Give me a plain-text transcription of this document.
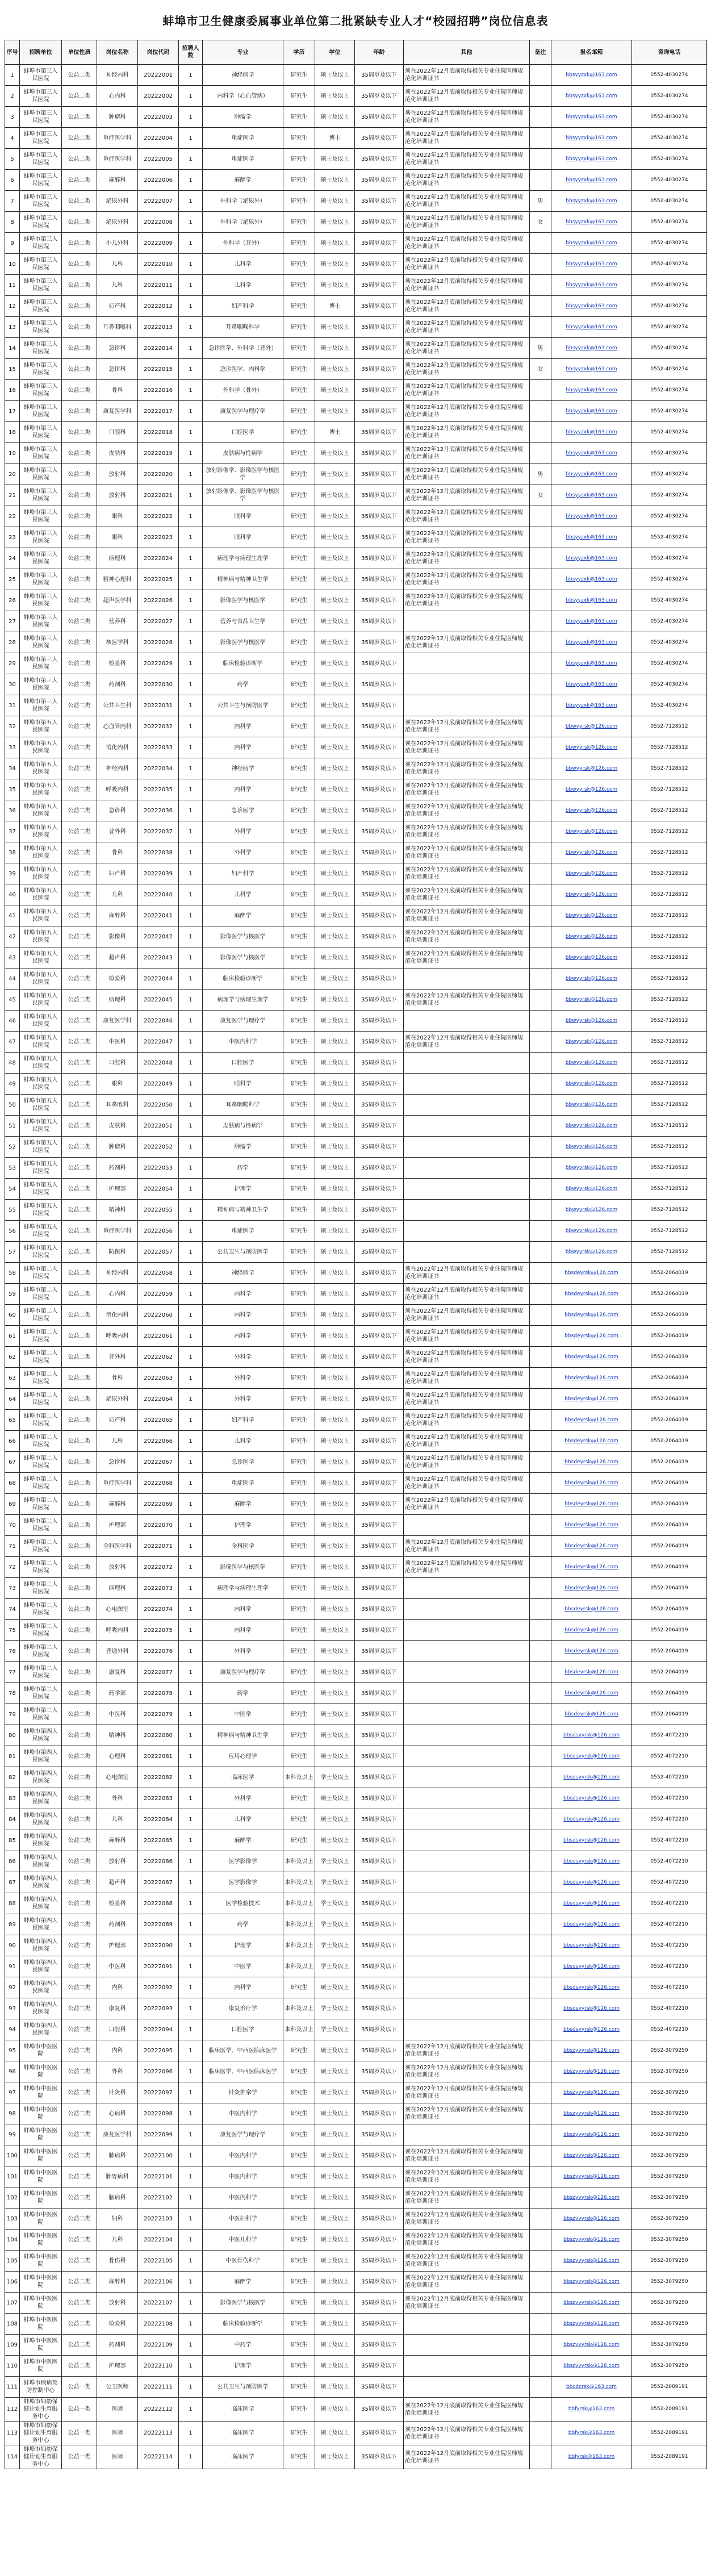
蚌埠市卫生健康委属事业单位第二批紧缺专业人才“校园招聘”岗位信息表
序号	招聘单位	单位性质	岗位名称	岗位代码	招聘人数	专业	学历	学位	年龄	其他	备注	报名邮箱	咨询电话
1	蚌埠市第三人民医院	公益二类	神经内科	20222001	1	神经病学	研究生	硕士及以上	35周岁及以下	须在2022年12月底前取得相关专业住院医师规范化培训证书		bbsyyzxk@163.com	0552-4030274
2	蚌埠市第三人民医院	公益二类	心内科	20222002	1	内科学（心血管病）	研究生	硕士及以上	35周岁及以下	须在2022年12月底前取得相关专业住院医师规范化培训证书		bbsyyzxk@163.com	0552-4030274
3	蚌埠市第三人民医院	公益二类	肿瘤科	20222003	1	肿瘤学	研究生	硕士及以上	35周岁及以下	须在2022年12月底前取得相关专业住院医师规范化培训证书		bbsyyzxk@163.com	0552-4030274
4	蚌埠市第三人民医院	公益二类	重症医学科	20222004	1	重症医学	研究生	博士	35周岁及以下	须在2022年12月底前取得相关专业住院医师规范化培训证书		bbsyyzxk@163.com	0552-4030274
5	蚌埠市第三人民医院	公益二类	重症医学科	20222005	1	重症医学	研究生	硕士及以上	35周岁及以下	须在2022年12月底前取得相关专业住院医师规范化培训证书		bbsyyzxk@163.com	0552-4030274
6	蚌埠市第三人民医院	公益二类	麻醉科	20222006	1	麻醉学	研究生	硕士及以上	35周岁及以下	须在2022年12月底前取得相关专业住院医师规范化培训证书		bbsyyzxk@163.com	0552-4030274
7	蚌埠市第三人民医院	公益二类	泌尿外科	20222007	1	外科学（泌尿外）	研究生	硕士及以上	35周岁及以下	须在2022年12月底前取得相关专业住院医师规范化培训证书	男	bbsyyzxk@163.com	0552-4030274
8	蚌埠市第三人民医院	公益二类	泌尿外科	20222008	1	外科学（泌尿外）	研究生	硕士及以上	35周岁及以下	须在2022年12月底前取得相关专业住院医师规范化培训证书	女	bbsyyzxk@163.com	0552-4030274
9	蚌埠市第三人民医院	公益二类	小儿外科	20222009	1	外科学（普外）	研究生	硕士及以上	35周岁及以下	须在2022年12月底前取得相关专业住院医师规范化培训证书		bbsyyzxk@163.com	0552-4030274
10	蚌埠市第三人民医院	公益二类	儿科	20222010	1	儿科学	研究生	硕士及以上	35周岁及以下	须在2022年12月底前取得相关专业住院医师规范化培训证书		bbsyyzxk@163.com	0552-4030274
11	蚌埠市第三人民医院	公益二类	儿科	20222011	1	儿科学	研究生	硕士及以上	35周岁及以下	须在2022年12月底前取得相关专业住院医师规范化培训证书		bbsyyzxk@163.com	0552-4030274
12	蚌埠市第三人民医院	公益二类	妇产科	20222012	1	妇产科学	研究生	博士	35周岁及以下	须在2022年12月底前取得相关专业住院医师规范化培训证书		bbsyyzxk@163.com	0552-4030274
13	蚌埠市第三人民医院	公益二类	耳鼻咽喉科	20222013	1	耳鼻咽喉科学	研究生	硕士及以上	35周岁及以下	须在2022年12月底前取得相关专业住院医师规范化培训证书		bbsyyzxk@163.com	0552-4030274
14	蚌埠市第三人民医院	公益二类	急诊科	20222014	1	急诊医学、外科学（普外）	研究生	硕士及以上	35周岁及以下	须在2022年12月底前取得相关专业住院医师规范化培训证书	男	bbsyyzxk@163.com	0552-4030274
15	蚌埠市第三人民医院	公益二类	急诊科	20222015	1	急诊医学、内科学	研究生	硕士及以上	35周岁及以下	须在2022年12月底前取得相关专业住院医师规范化培训证书	女	bbsyyzxk@163.com	0552-4030274
16	蚌埠市第三人民医院	公益二类	骨科	20222016	1	外科学（骨外）	研究生	硕士及以上	35周岁及以下	须在2022年12月底前取得相关专业住院医师规范化培训证书		bbsyyzxk@163.com	0552-4030274
17	蚌埠市第三人民医院	公益二类	康复医学科	20222017	1	康复医学与理疗学	研究生	硕士及以上	35周岁及以下	须在2022年12月底前取得相关专业住院医师规范化培训证书		bbsyyzxk@163.com	0552-4030274
18	蚌埠市第三人民医院	公益二类	口腔科	20222018	1	口腔医学	研究生	博士	35周岁及以下	须在2022年12月底前取得相关专业住院医师规范化培训证书		bbsyyzxk@163.com	0552-4030274
19	蚌埠市第三人民医院	公益二类	皮肤科	20222019	1	皮肤病与性病学	研究生	硕士及以上	35周岁及以下	须在2022年12月底前取得相关专业住院医师规范化培训证书		bbsyyzxk@163.com	0552-4030274
20	蚌埠市第三人民医院	公益二类	放射科	20222020	1	放射影像学、影像医学与核医学	研究生	硕士及以上	35周岁及以下	须在2022年12月底前取得相关专业住院医师规范化培训证书	男	bbsyyzxk@163.com	0552-4030274
21	蚌埠市第三人民医院	公益二类	放射科	20222021	1	放射影像学、影像医学与核医学	研究生	硕士及以上	35周岁及以下	须在2022年12月底前取得相关专业住院医师规范化培训证书	女	bbsyyzxk@163.com	0552-4030274
22	蚌埠市第三人民医院	公益二类	眼科	20222022	1	眼科学	研究生	硕士及以上	35周岁及以下	须在2022年12月底前取得相关专业住院医师规范化培训证书		bbsyyzxk@163.com	0552-4030274
23	蚌埠市第三人民医院	公益二类	眼科	20222023	1	眼科学	研究生	硕士及以上	35周岁及以下	须在2022年12月底前取得相关专业住院医师规范化培训证书		bbsyyzxk@163.com	0552-4030274
24	蚌埠市第三人民医院	公益二类	病理科	20222024	1	病理学与病理生理学	研究生	硕士及以上	35周岁及以下	须在2022年12月底前取得相关专业住院医师规范化培训证书		bbsyyzxk@163.com	0552-4030274
25	蚌埠市第三人民医院	公益二类	精神心理科	20222025	1	精神病与精神卫生学	研究生	硕士及以上	35周岁及以下	须在2022年12月底前取得相关专业住院医师规范化培训证书		bbsyyzxk@163.com	0552-4030274
26	蚌埠市第三人民医院	公益二类	超声医学科	20222026	1	影像医学与核医学	研究生	硕士及以上	35周岁及以下	须在2022年12月底前取得相关专业住院医师规范化培训证书		bbsyyzxk@163.com	0552-4030274
27	蚌埠市第三人民医院	公益二类	营养科	20222027	1	营养与食品卫生学	研究生	硕士及以上	35周岁及以下			bbsyyzxk@163.com	0552-4030274
28	蚌埠市第三人民医院	公益二类	核医学科	20222028	1	影像医学与核医学	研究生	硕士及以上	35周岁及以下	须在2022年12月底前取得相关专业住院医师规范化培训证书		bbsyyzxk@163.com	0552-4030274
29	蚌埠市第三人民医院	公益二类	检验科	20222029	1	临床检验诊断学	研究生	硕士及以上	35周岁及以下			bbsyyzxk@163.com	0552-4030274
30	蚌埠市第三人民医院	公益二类	药剂科	20222030	1	药学	研究生	硕士及以上	35周岁及以下			bbsyyzxk@163.com	0552-4030274
31	蚌埠市第三人民医院	公益二类	公共卫生科	20222031	1	公共卫生与预防医学	研究生	硕士及以上	35周岁及以下			bbsyyzxk@163.com	0552-4030274
32	蚌埠市第五人民医院	公益二类	心血管内科	20222032	1	内科学	研究生	硕士及以上	35周岁及以下	须在2022年12月底前取得相关专业住院医师规范化培训证书		bbwyyrsk@126.com	0552-7128512
33	蚌埠市第五人民医院	公益二类	消化内科	20222033	1	内科学	研究生	硕士及以上	35周岁及以下	须在2022年12月底前取得相关专业住院医师规范化培训证书		bbwyyrsk@126.com	0552-7128512
34	蚌埠市第五人民医院	公益二类	神经内科	20222034	1	神经病学	研究生	硕士及以上	35周岁及以下	须在2022年12月底前取得相关专业住院医师规范化培训证书		bbwyyrsk@126.com	0552-7128512
35	蚌埠市第五人民医院	公益二类	呼吸内科	20222035	1	内科学	研究生	硕士及以上	35周岁及以下	须在2022年12月底前取得相关专业住院医师规范化培训证书		bbwyyrsk@126.com	0552-7128512
36	蚌埠市第五人民医院	公益二类	急诊科	20222036	1	急诊医学	研究生	硕士及以上	35周岁及以下	须在2022年12月底前取得相关专业住院医师规范化培训证书		bbwyyrsk@126.com	0552-7128512
37	蚌埠市第五人民医院	公益二类	普外科	20222037	1	外科学	研究生	硕士及以上	35周岁及以下	须在2022年12月底前取得相关专业住院医师规范化培训证书		bbwyyrsk@126.com	0552-7128512
38	蚌埠市第五人民医院	公益二类	骨科	20222038	1	外科学	研究生	硕士及以上	35周岁及以下	须在2022年12月底前取得相关专业住院医师规范化培训证书		bbwyyrsk@126.com	0552-7128512
39	蚌埠市第五人民医院	公益二类	妇产科	20222039	1	妇产科学	研究生	硕士及以上	35周岁及以下	须在2022年12月底前取得相关专业住院医师规范化培训证书		bbwyyrsk@126.com	0552-7128512
40	蚌埠市第五人民医院	公益二类	儿科	20222040	1	儿科学	研究生	硕士及以上	35周岁及以下	须在2022年12月底前取得相关专业住院医师规范化培训证书		bbwyyrsk@126.com	0552-7128512
41	蚌埠市第五人民医院	公益二类	麻醉科	20222041	1	麻醉学	研究生	硕士及以上	35周岁及以下	须在2022年12月底前取得相关专业住院医师规范化培训证书		bbwyyrsk@126.com	0552-7128512
42	蚌埠市第五人民医院	公益二类	影像科	20222042	1	影像医学与核医学	研究生	硕士及以上	35周岁及以下	须在2022年12月底前取得相关专业住院医师规范化培训证书		bbwyyrsk@126.com	0552-7128512
43	蚌埠市第五人民医院	公益二类	超声科	20222043	1	影像医学与核医学	研究生	硕士及以上	35周岁及以下	须在2022年12月底前取得相关专业住院医师规范化培训证书		bbwyyrsk@126.com	0552-7128512
44	蚌埠市第五人民医院	公益二类	检验科	20222044	1	临床检验诊断学	研究生	硕士及以上	35周岁及以下			bbwyyrsk@126.com	0552-7128512
45	蚌埠市第五人民医院	公益二类	病理科	20222045	1	病理学与病理生理学	研究生	硕士及以上	35周岁及以下	须在2022年12月底前取得相关专业住院医师规范化培训证书		bbwyyrsk@126.com	0552-7128512
46	蚌埠市第五人民医院	公益二类	康复医学科	20222046	1	康复医学与理疗学	研究生	硕士及以上	35周岁及以下			bbwyyrsk@126.com	0552-7128512
47	蚌埠市第五人民医院	公益二类	中医科	20222047	1	中医内科学	研究生	硕士及以上	35周岁及以下	须在2022年12月底前取得相关专业住院医师规范化培训证书		bbwyyrsk@126.com	0552-7128512
48	蚌埠市第五人民医院	公益二类	口腔科	20222048	1	口腔医学	研究生	硕士及以上	35周岁及以下			bbwyyrsk@126.com	0552-7128512
49	蚌埠市第五人民医院	公益二类	眼科	20222049	1	眼科学	研究生	硕士及以上	35周岁及以下			bbwyyrsk@126.com	0552-7128512
50	蚌埠市第五人民医院	公益二类	耳鼻喉科	20222050	1	耳鼻咽喉科学	研究生	硕士及以上	35周岁及以下			bbwyyrsk@126.com	0552-7128512
51	蚌埠市第五人民医院	公益二类	皮肤科	20222051	1	皮肤病与性病学	研究生	硕士及以上	35周岁及以下			bbwyyrsk@126.com	0552-7128512
52	蚌埠市第五人民医院	公益二类	肿瘤科	20222052	1	肿瘤学	研究生	硕士及以上	35周岁及以下			bbwyyrsk@126.com	0552-7128512
53	蚌埠市第五人民医院	公益二类	药剂科	20222053	1	药学	研究生	硕士及以上	35周岁及以下			bbwyyrsk@126.com	0552-7128512
54	蚌埠市第五人民医院	公益二类	护理部	20222054	1	护理学	研究生	硕士及以上	35周岁及以下			bbwyyrsk@126.com	0552-7128512
55	蚌埠市第五人民医院	公益二类	精神科	20222055	1	精神病与精神卫生学	研究生	硕士及以上	35周岁及以下			bbwyyrsk@126.com	0552-7128512
56	蚌埠市第五人民医院	公益二类	重症医学科	20222056	1	重症医学	研究生	硕士及以上	35周岁及以下			bbwyyrsk@126.com	0552-7128512
57	蚌埠市第五人民医院	公益二类	防保科	20222057	1	公共卫生与预防医学	研究生	硕士及以上	35周岁及以下			bbwyyrsk@126.com	0552-7128512
58	蚌埠市第二人民医院	公益二类	神经内科	20222058	1	神经病学	研究生	硕士及以上	35周岁及以下	须在2022年12月底前取得相关专业住院医师规范化培训证书		bbsdeyrsk@126.com	0552-2064019
59	蚌埠市第二人民医院	公益二类	心内科	20222059	1	内科学	研究生	硕士及以上	35周岁及以下	须在2022年12月底前取得相关专业住院医师规范化培训证书		bbsdeyrsk@126.com	0552-2064019
60	蚌埠市第二人民医院	公益二类	消化内科	20222060	1	内科学	研究生	硕士及以上	35周岁及以下	须在2022年12月底前取得相关专业住院医师规范化培训证书		bbsdeyrsk@126.com	0552-2064019
61	蚌埠市第二人民医院	公益二类	呼吸内科	20222061	1	内科学	研究生	硕士及以上	35周岁及以下	须在2022年12月底前取得相关专业住院医师规范化培训证书		bbsdeyrsk@126.com	0552-2064019
62	蚌埠市第二人民医院	公益二类	普外科	20222062	1	外科学	研究生	硕士及以上	35周岁及以下	须在2022年12月底前取得相关专业住院医师规范化培训证书		bbsdeyrsk@126.com	0552-2064019
63	蚌埠市第二人民医院	公益二类	骨科	20222063	1	外科学	研究生	硕士及以上	35周岁及以下	须在2022年12月底前取得相关专业住院医师规范化培训证书		bbsdeyrsk@126.com	0552-2064019
64	蚌埠市第二人民医院	公益二类	泌尿外科	20222064	1	外科学	研究生	硕士及以上	35周岁及以下	须在2022年12月底前取得相关专业住院医师规范化培训证书		bbsdeyrsk@126.com	0552-2064019
65	蚌埠市第二人民医院	公益二类	妇产科	20222065	1	妇产科学	研究生	硕士及以上	35周岁及以下	须在2022年12月底前取得相关专业住院医师规范化培训证书		bbsdeyrsk@126.com	0552-2064019
66	蚌埠市第二人民医院	公益二类	儿科	20222066	1	儿科学	研究生	硕士及以上	35周岁及以下	须在2022年12月底前取得相关专业住院医师规范化培训证书		bbsdeyrsk@126.com	0552-2064019
67	蚌埠市第二人民医院	公益二类	急诊科	20222067	1	急诊医学	研究生	硕士及以上	35周岁及以下	须在2022年12月底前取得相关专业住院医师规范化培训证书		bbsdeyrsk@126.com	0552-2064019
68	蚌埠市第二人民医院	公益二类	重症医学科	20222068	1	重症医学	研究生	硕士及以上	35周岁及以下	须在2022年12月底前取得相关专业住院医师规范化培训证书		bbsdeyrsk@126.com	0552-2064019
69	蚌埠市第二人民医院	公益二类	麻醉科	20222069	1	麻醉学	研究生	硕士及以上	35周岁及以下	须在2022年12月底前取得相关专业住院医师规范化培训证书		bbsdeyrsk@126.com	0552-2064019
70	蚌埠市第二人民医院	公益二类	护理部	20222070	1	护理学	研究生	硕士及以上	35周岁及以下			bbsdeyrsk@126.com	0552-2064019
71	蚌埠市第二人民医院	公益二类	全科医学科	20222071	1	全科医学	研究生	硕士及以上	35周岁及以下	须在2022年12月底前取得相关专业住院医师规范化培训证书		bbsdeyrsk@126.com	0552-2064019
72	蚌埠市第二人民医院	公益二类	放射科	20222072	1	影像医学与核医学	研究生	硕士及以上	35周岁及以下	须在2022年12月底前取得相关专业住院医师规范化培训证书		bbsdeyrsk@126.com	0552-2064019
73	蚌埠市第二人民医院	公益二类	病理科	20222073	1	病理学与病理生理学	研究生	硕士及以上	35周岁及以下			bbsdeyrsk@126.com	0552-2064019
74	蚌埠市第二人民医院	公益二类	心电图室	20222074	1	内科学	研究生	硕士及以上	35周岁及以下			bbsdeyrsk@126.com	0552-2064019
75	蚌埠市第二人民医院	公益二类	呼吸内科	20222075	1	内科学	研究生	硕士及以上	35周岁及以下			bbsdeyrsk@126.com	0552-2064019
76	蚌埠市第二人民医院	公益二类	普通外科	20222076	1	外科学	研究生	硕士及以上	35周岁及以下			bbsdeyrsk@126.com	0552-2064019
77	蚌埠市第二人民医院	公益二类	康复科	20222077	1	康复医学与理疗学	研究生	硕士及以上	35周岁及以下			bbsdeyrsk@126.com	0552-2064019
78	蚌埠市第二人民医院	公益二类	药学部	20222078	1	药学	研究生	硕士及以上	35周岁及以下			bbsdeyrsk@126.com	0552-2064019
79	蚌埠市第二人民医院	公益二类	中医科	20222079	1	中医学	研究生	硕士及以上	35周岁及以下			bbsdeyrsk@126.com	0552-2064019
80	蚌埠市第四人民医院	公益二类	精神科	20222080	1	精神病与精神卫生学	研究生	硕士及以上	35周岁及以下			bbsdsyyrsk@126.com	0552-4072210
81	蚌埠市第四人民医院	公益二类	心理科	20222081	1	应用心理学	研究生	硕士及以上	35周岁及以下			bbsdsyyrsk@126.com	0552-4072210
82	蚌埠市第四人民医院	公益二类	心电图室	20222082	1	临床医学	本科及以上	学士及以上	35周岁及以下			bbsdsyyrsk@126.com	0552-4072210
83	蚌埠市第四人民医院	公益二类	外科	20222083	1	外科学	研究生	硕士及以上	35周岁及以下			bbsdsyyrsk@126.com	0552-4072210
84	蚌埠市第四人民医院	公益二类	儿科	20222084	1	儿科学	研究生	硕士及以上	35周岁及以下			bbsdsyyrsk@126.com	0552-4072210
85	蚌埠市第四人民医院	公益二类	麻醉科	20222085	1	麻醉学	研究生	硕士及以上	35周岁及以下			bbsdsyyrsk@126.com	0552-4072210
86	蚌埠市第四人民医院	公益二类	放射科	20222086	1	医学影像学	本科及以上	学士及以上	35周岁及以下			bbsdsyyrsk@126.com	0552-4072210
87	蚌埠市第四人民医院	公益二类	超声科	20222087	1	医学影像学	本科及以上	学士及以上	35周岁及以下			bbsdsyyrsk@126.com	0552-4072210
88	蚌埠市第四人民医院	公益二类	检验科	20222088	1	医学检验技术	本科及以上	学士及以上	35周岁及以下			bbsdsyyrsk@126.com	0552-4072210
89	蚌埠市第四人民医院	公益二类	药剂科	20222089	1	药学	本科及以上	学士及以上	35周岁及以下			bbsdsyyrsk@126.com	0552-4072210
90	蚌埠市第四人民医院	公益二类	护理部	20222090	1	护理学	本科及以上	学士及以上	35周岁及以下			bbsdsyyrsk@126.com	0552-4072210
91	蚌埠市第四人民医院	公益二类	中医科	20222091	1	中医学	本科及以上	学士及以上	35周岁及以下			bbsdsyyrsk@126.com	0552-4072210
92	蚌埠市第四人民医院	公益二类	内科	20222092	1	内科学	研究生	硕士及以上	35周岁及以下			bbsdsyyrsk@126.com	0552-4072210
93	蚌埠市第四人民医院	公益二类	康复科	20222093	1	康复治疗学	本科及以上	学士及以上	35周岁及以下			bbsdsyyrsk@126.com	0552-4072210
94	蚌埠市第四人民医院	公益二类	口腔科	20222094	1	口腔医学	本科及以上	学士及以上	35周岁及以下			bbsdsyyrsk@126.com	0552-4072210
95	蚌埠市中医医院	公益二类	内科	20222095	1	临床医学、中西医临床医学	研究生	硕士及以上	35周岁及以下	须在2022年12月底前取得相关专业住院医师规范化培训证书		bbszyyyrsk@126.com	0552-3079250
96	蚌埠市中医医院	公益二类	外科	20222096	1	临床医学、中西医临床医学	研究生	硕士及以上	35周岁及以下	须在2022年12月底前取得相关专业住院医师规范化培训证书		bbszyyyrsk@126.com	0552-3079250
97	蚌埠市中医医院	公益二类	针灸科	20222097	1	针灸推拿学	研究生	硕士及以上	35周岁及以下	须在2022年12月底前取得相关专业住院医师规范化培训证书		bbszyyyrsk@126.com	0552-3079250
98	蚌埠市中医医院	公益二类	心病科	20222098	1	中医内科学	研究生	硕士及以上	35周岁及以下	须在2022年12月底前取得相关专业住院医师规范化培训证书		bbszyyyrsk@126.com	0552-3079250
99	蚌埠市中医医院	公益二类	康复医学科	20222099	1	康复医学与理疗学	研究生	硕士及以上	35周岁及以下			bbszyyyrsk@126.com	0552-3079250
100	蚌埠市中医医院	公益二类	肺病科	20222100	1	中医内科学	研究生	硕士及以上	35周岁及以下	须在2022年12月底前取得相关专业住院医师规范化培训证书		bbszyyyrsk@126.com	0552-3079250
101	蚌埠市中医医院	公益二类	脾胃病科	20222101	1	中医内科学	研究生	硕士及以上	35周岁及以下	须在2022年12月底前取得相关专业住院医师规范化培训证书		bbszyyyrsk@126.com	0552-3079250
102	蚌埠市中医医院	公益二类	脑病科	20222102	1	中医内科学	研究生	硕士及以上	35周岁及以下	须在2022年12月底前取得相关专业住院医师规范化培训证书		bbszyyyrsk@126.com	0552-3079250
103	蚌埠市中医医院	公益二类	妇科	20222103	1	中医妇科学	研究生	硕士及以上	35周岁及以下	须在2022年12月底前取得相关专业住院医师规范化培训证书		bbszyyyrsk@126.com	0552-3079250
104	蚌埠市中医医院	公益二类	儿科	20222104	1	中医儿科学	研究生	硕士及以上	35周岁及以下	须在2022年12月底前取得相关专业住院医师规范化培训证书		bbszyyyrsk@126.com	0552-3079250
105	蚌埠市中医医院	公益二类	骨伤科	20222105	1	中医骨伤科学	研究生	硕士及以上	35周岁及以下	须在2022年12月底前取得相关专业住院医师规范化培训证书		bbszyyyrsk@126.com	0552-3079250
106	蚌埠市中医医院	公益二类	麻醉科	20222106	1	麻醉学	研究生	硕士及以上	35周岁及以下	须在2022年12月底前取得相关专业住院医师规范化培训证书		bbszyyyrsk@126.com	0552-3079250
107	蚌埠市中医医院	公益二类	放射科	20222107	1	影像医学与核医学	研究生	硕士及以上	35周岁及以下	须在2022年12月底前取得相关专业住院医师规范化培训证书		bbszyyyrsk@126.com	0552-3079250
108	蚌埠市中医医院	公益二类	检验科	20222108	1	临床检验诊断学	研究生	硕士及以上	35周岁及以下			bbszyyyrsk@126.com	0552-3079250
109	蚌埠市中医医院	公益二类	药剂科	20222109	1	中药学	研究生	硕士及以上	35周岁及以下			bbszyyyrsk@126.com	0552-3079250
110	蚌埠市中医医院	公益二类	护理部	20222110	1	护理学	研究生	硕士及以上	35周岁及以下			bbszyyyrsk@126.com	0552-3079250
111	蚌埠市疾病预防控制中心	公益一类	公卫医师	20222111	1	公共卫生与预防医学	研究生	硕士及以上	35周岁及以下			bbcdcrsk@163.com	0552-2089191
112	蚌埠市妇幼保健计划生育服务中心	公益一类	医师	20222112	1	临床医学	研究生	硕士及以上	35周岁及以下	须在2022年12月底前取得相关专业住院医师规范化培训证书		bbfyrsk@163.com	0552-2089191
113	蚌埠市妇幼保健计划生育服务中心	公益一类	医师	20222113	1	临床医学	研究生	硕士及以上	35周岁及以下	须在2022年12月底前取得相关专业住院医师规范化培训证书		bbfyrsk@163.com	0552-2089191
114	蚌埠市妇幼保健计划生育服务中心	公益一类	医师	20222114	1	临床医学	研究生	硕士及以上	35周岁及以下	须在2022年12月底前取得相关专业住院医师规范化培训证书		bbfyrsk@163.com	0552-2089191
